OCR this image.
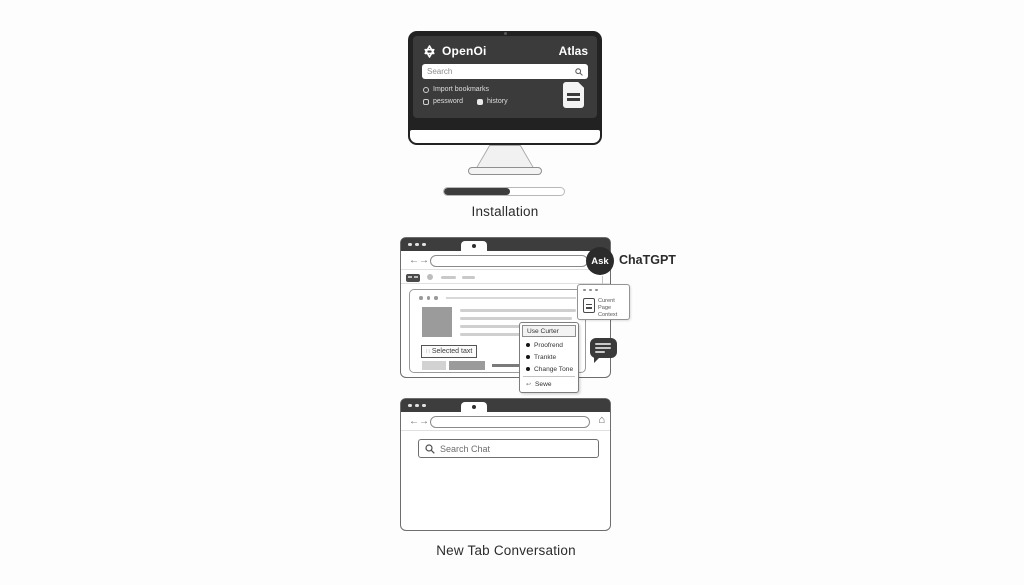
OpenOi	Atlas
Search
Import bookmarks
pessword	history
Installation
← →
∷ Selected taxt
Curent Page
Context
Use Curter
Proofrend
Trankte
Change Tone
↩ Sewe
Ask ChaTGPT
← →	⌂
Search Chat
New Tab Conversation
